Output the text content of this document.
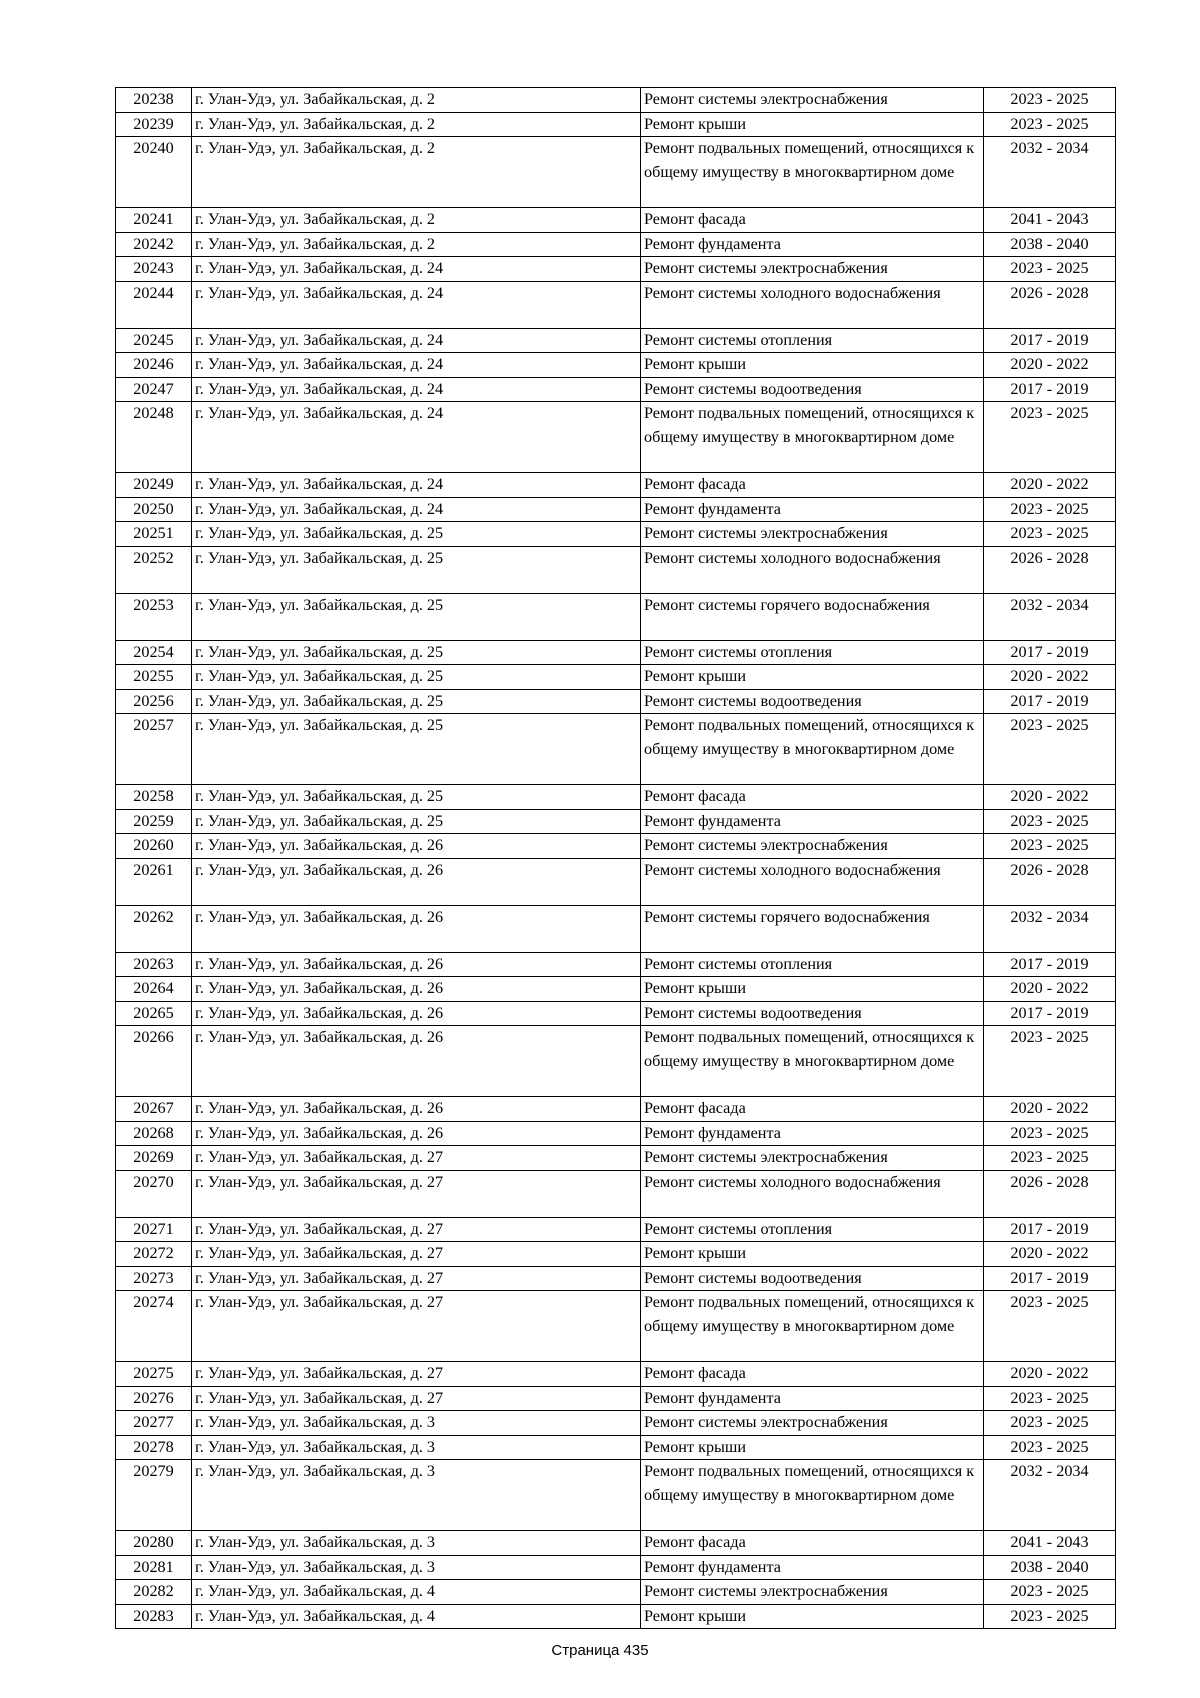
20238	г. Улан-Удэ, ул. Забайкальская, д. 2	Ремонт системы электроснабжения	2023 - 2025
20239	г. Улан-Удэ, ул. Забайкальская, д. 2	Ремонт крыши	2023 - 2025
20240	г. Улан-Удэ, ул. Забайкальская, д. 2	Ремонт подвальных помещений, относящихся к общему имуществу в многоквартирном доме	2032 - 2034
20241	г. Улан-Удэ, ул. Забайкальская, д. 2	Ремонт фасада	2041 - 2043
20242	г. Улан-Удэ, ул. Забайкальская, д. 2	Ремонт фундамента	2038 - 2040
20243	г. Улан-Удэ, ул. Забайкальская, д. 24	Ремонт системы электроснабжения	2023 - 2025
20244	г. Улан-Удэ, ул. Забайкальская, д. 24	Ремонт системы холодного водоснабжения	2026 - 2028
20245	г. Улан-Удэ, ул. Забайкальская, д. 24	Ремонт системы отопления	2017 - 2019
20246	г. Улан-Удэ, ул. Забайкальская, д. 24	Ремонт крыши	2020 - 2022
20247	г. Улан-Удэ, ул. Забайкальская, д. 24	Ремонт системы водоотведения	2017 - 2019
20248	г. Улан-Удэ, ул. Забайкальская, д. 24	Ремонт подвальных помещений, относящихся к общему имуществу в многоквартирном доме	2023 - 2025
20249	г. Улан-Удэ, ул. Забайкальская, д. 24	Ремонт фасада	2020 - 2022
20250	г. Улан-Удэ, ул. Забайкальская, д. 24	Ремонт фундамента	2023 - 2025
20251	г. Улан-Удэ, ул. Забайкальская, д. 25	Ремонт системы электроснабжения	2023 - 2025
20252	г. Улан-Удэ, ул. Забайкальская, д. 25	Ремонт системы холодного водоснабжения	2026 - 2028
20253	г. Улан-Удэ, ул. Забайкальская, д. 25	Ремонт системы горячего водоснабжения	2032 - 2034
20254	г. Улан-Удэ, ул. Забайкальская, д. 25	Ремонт системы отопления	2017 - 2019
20255	г. Улан-Удэ, ул. Забайкальская, д. 25	Ремонт крыши	2020 - 2022
20256	г. Улан-Удэ, ул. Забайкальская, д. 25	Ремонт системы водоотведения	2017 - 2019
20257	г. Улан-Удэ, ул. Забайкальская, д. 25	Ремонт подвальных помещений, относящихся к общему имуществу в многоквартирном доме	2023 - 2025
20258	г. Улан-Удэ, ул. Забайкальская, д. 25	Ремонт фасада	2020 - 2022
20259	г. Улан-Удэ, ул. Забайкальская, д. 25	Ремонт фундамента	2023 - 2025
20260	г. Улан-Удэ, ул. Забайкальская, д. 26	Ремонт системы электроснабжения	2023 - 2025
20261	г. Улан-Удэ, ул. Забайкальская, д. 26	Ремонт системы холодного водоснабжения	2026 - 2028
20262	г. Улан-Удэ, ул. Забайкальская, д. 26	Ремонт системы горячего водоснабжения	2032 - 2034
20263	г. Улан-Удэ, ул. Забайкальская, д. 26	Ремонт системы отопления	2017 - 2019
20264	г. Улан-Удэ, ул. Забайкальская, д. 26	Ремонт крыши	2020 - 2022
20265	г. Улан-Удэ, ул. Забайкальская, д. 26	Ремонт системы водоотведения	2017 - 2019
20266	г. Улан-Удэ, ул. Забайкальская, д. 26	Ремонт подвальных помещений, относящихся к общему имуществу в многоквартирном доме	2023 - 2025
20267	г. Улан-Удэ, ул. Забайкальская, д. 26	Ремонт фасада	2020 - 2022
20268	г. Улан-Удэ, ул. Забайкальская, д. 26	Ремонт фундамента	2023 - 2025
20269	г. Улан-Удэ, ул. Забайкальская, д. 27	Ремонт системы электроснабжения	2023 - 2025
20270	г. Улан-Удэ, ул. Забайкальская, д. 27	Ремонт системы холодного водоснабжения	2026 - 2028
20271	г. Улан-Удэ, ул. Забайкальская, д. 27	Ремонт системы отопления	2017 - 2019
20272	г. Улан-Удэ, ул. Забайкальская, д. 27	Ремонт крыши	2020 - 2022
20273	г. Улан-Удэ, ул. Забайкальская, д. 27	Ремонт системы водоотведения	2017 - 2019
20274	г. Улан-Удэ, ул. Забайкальская, д. 27	Ремонт подвальных помещений, относящихся к общему имуществу в многоквартирном доме	2023 - 2025
20275	г. Улан-Удэ, ул. Забайкальская, д. 27	Ремонт фасада	2020 - 2022
20276	г. Улан-Удэ, ул. Забайкальская, д. 27	Ремонт фундамента	2023 - 2025
20277	г. Улан-Удэ, ул. Забайкальская, д. 3	Ремонт системы электроснабжения	2023 - 2025
20278	г. Улан-Удэ, ул. Забайкальская, д. 3	Ремонт крыши	2023 - 2025
20279	г. Улан-Удэ, ул. Забайкальская, д. 3	Ремонт подвальных помещений, относящихся к общему имуществу в многоквартирном доме	2032 - 2034
20280	г. Улан-Удэ, ул. Забайкальская, д. 3	Ремонт фасада	2041 - 2043
20281	г. Улан-Удэ, ул. Забайкальская, д. 3	Ремонт фундамента	2038 - 2040
20282	г. Улан-Удэ, ул. Забайкальская, д. 4	Ремонт системы электроснабжения	2023 - 2025
20283	г. Улан-Удэ, ул. Забайкальская, д. 4	Ремонт крыши	2023 - 2025
Страница 435
